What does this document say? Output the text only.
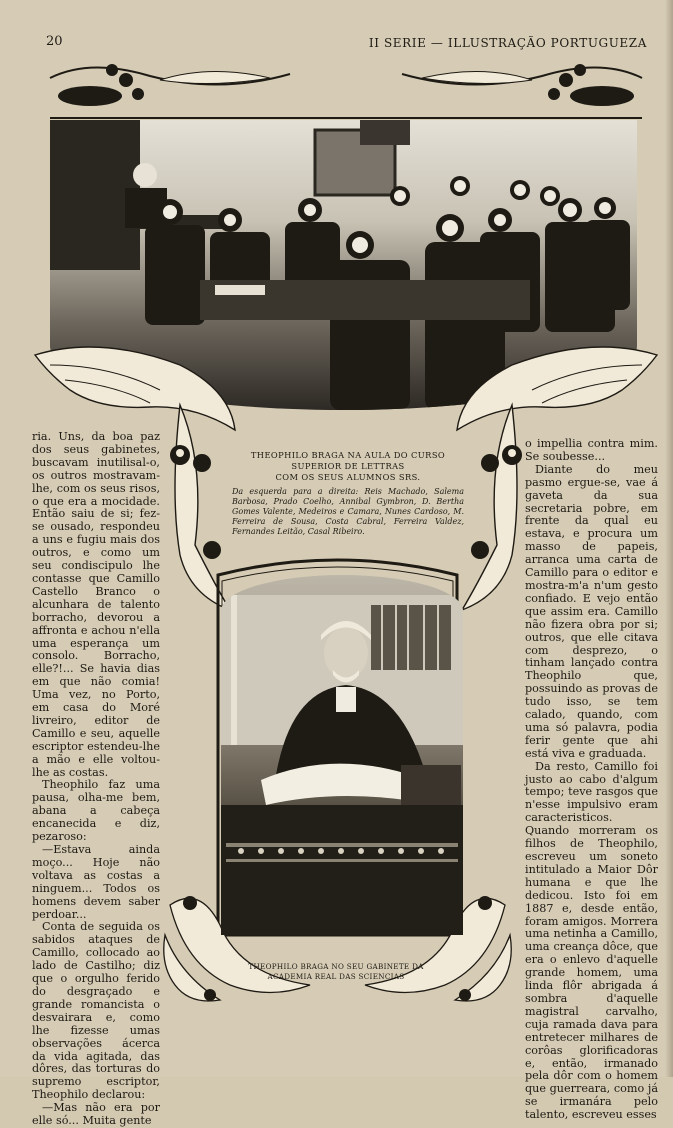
20	II SERIE — ILLUSTRAÇÃO PORTUGUEZA
THEOPHILO BRAGA NA AULA DO CURSO
SUPERIOR DE LETTRAS
COM OS SEUS ALUMNOS SRS.
Da esquerda para a direita: Reis Machado, Salema Barbosa, Prado Coelho, Annibal Gymbron, D. Bertha Gomes Valente, Medeiros e Camara, Nunes Cardoso, M. Ferreira de Sousa, Costa Cabral, Ferreira Valdez, Fernandes Leitão, Casal Ribeiro.
THEOPHILO BRAGA NO SEU GABINETE DA
ACADEMIA REAL DAS SCIENCIAS

ria. Uns, da boa paz dos seus gabinetes, buscavam inutilisal-o, os outros mostravam-lhe, com os seus risos, o que era a mocidade. Então saiu de si; fez-se ousado, respondeu a uns e fugiu mais dos outros, e como um seu condiscipulo lhe contasse que Camillo Castello Branco o alcunhara de talento borracho, devorou a affronta e achou n'ella uma esperança um consolo. Borracho, elle?!... Se havia dias em que não comia! Uma vez, no Porto, em casa do Moré livreiro, editor de Camillo e seu, aquelle escriptor estendeu-lhe a mão e elle voltou-lhe as costas.

Theophilo faz uma pausa, olha-me bem, abana a cabeça encanecida e diz, pezaroso:

—Estava ainda moço... Hoje não voltava as costas a ninguem... Todos os homens devem saber perdoar...

Conta de seguida os sabidos ataques de Camillo, collocado ao lado de Castilho; diz que o orgulho ferido do desgraçado e grande romancista o desvairara e, como lhe fizesse umas observações ácerca da vida agitada, das dôres, das torturas do supremo escriptor, Theophilo declarou:

—Mas não era por elle só... Muita gente

o impellia contra mim. Se soubesse...

Diante do meu pasmo ergue-se, vae á gaveta da sua secretaria pobre, em frente da qual eu estava, e procura um masso de papeis, arranca uma carta de Camillo para o editor e mostra-m'a n'um gesto confiado. E vejo então que assim era. Camillo não fizera obra por si; outros, que elle citava com desprezo, o tinham lançado contra Theophilo que, possuindo as provas de tudo isso, se tem calado, quando, com uma só palavra, podia ferir gente que ahi está viva e graduada.

Da resto, Camillo foi justo ao cabo d'algum tempo; teve rasgos que n'esse impulsivo eram caracteristicos. Quando morreram os filhos de Theophilo, escreveu um soneto intitulado a Maior Dôr humana e que lhe dedicou. Isto foi em 1887 e, desde então, foram amigos. Morrera uma netinha a Camillo, uma creança dôce, que era o enlevo d'aquelle grande homem, uma linda flôr abrigada á sombra d'aquelle magistral carvalho, cuja ramada dava para entretecer milhares de corôas glorificadoras e, então, irmanado pela dôr com o homem que guerreara, como já se irmanára pelo talento, escreveu esses
